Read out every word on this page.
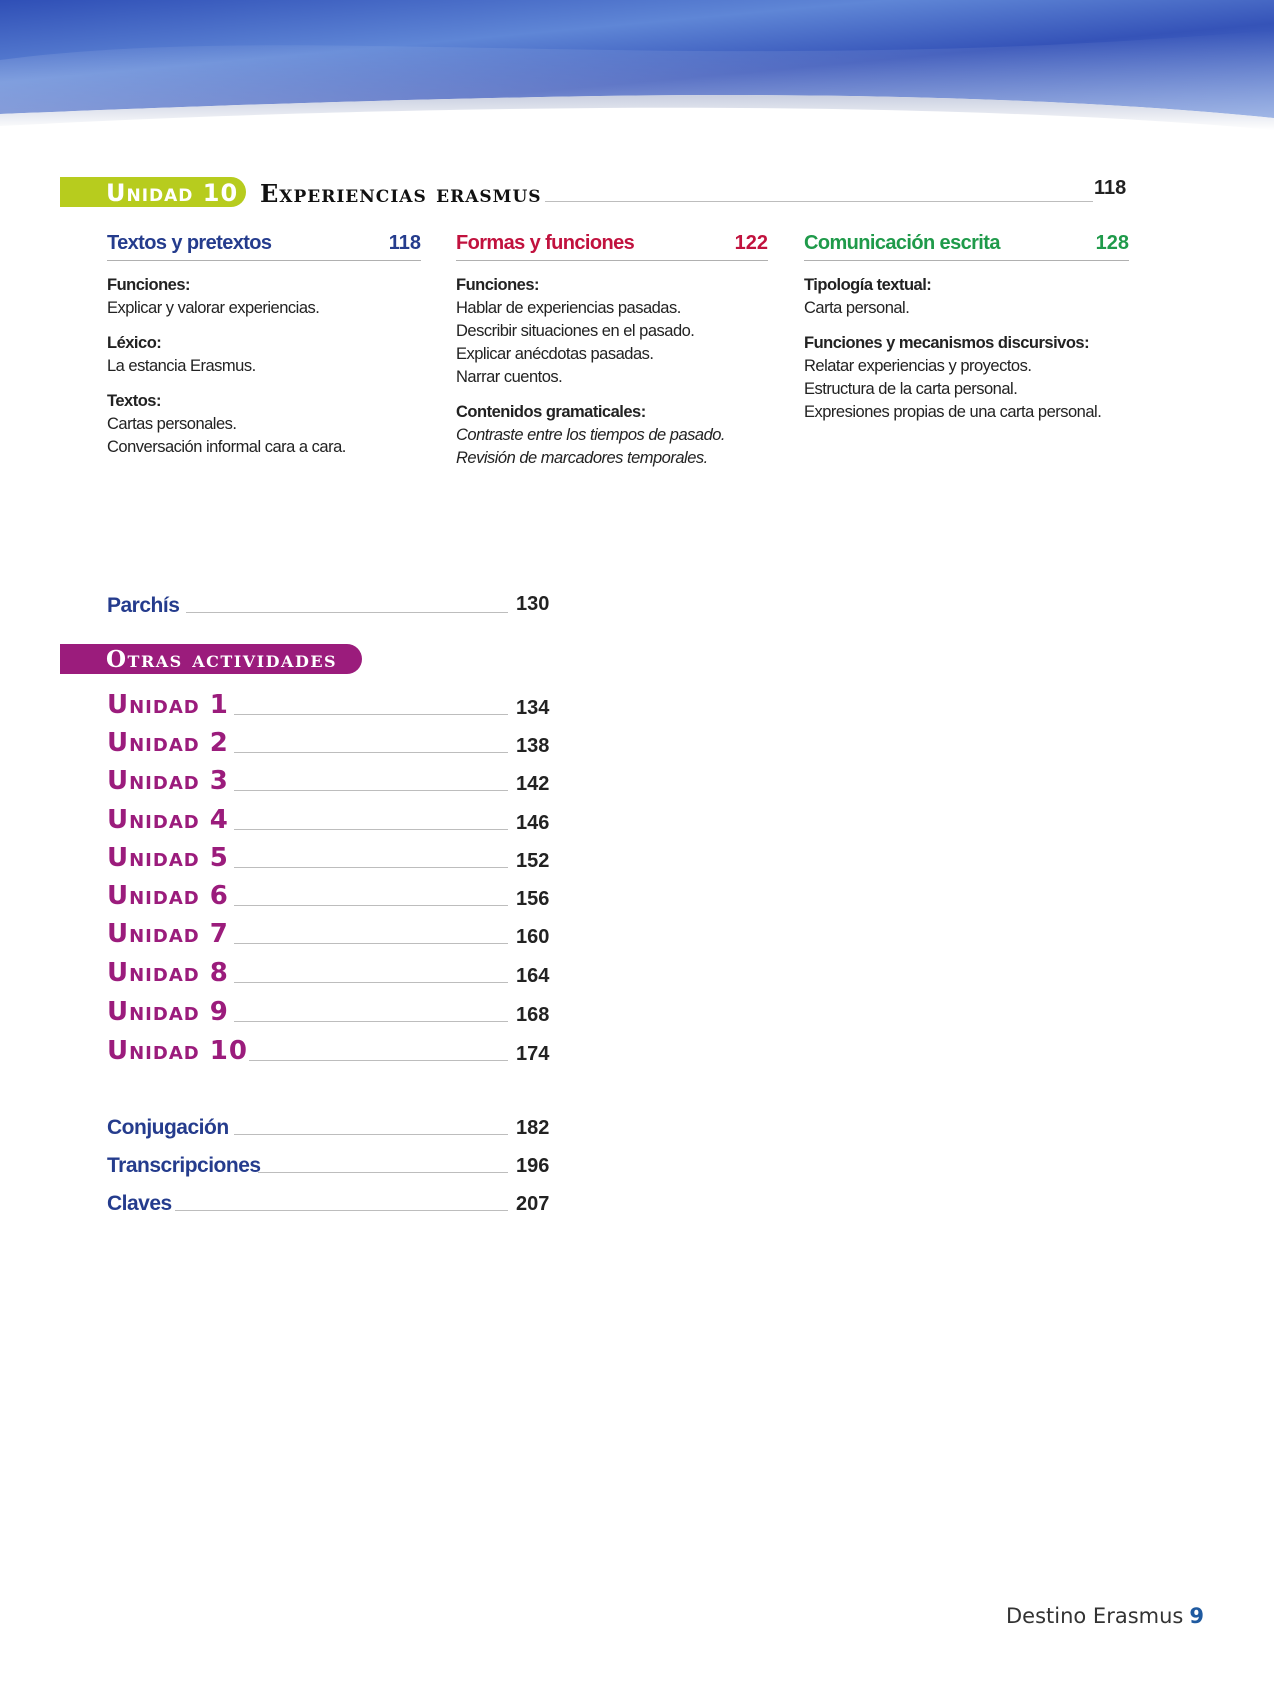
Unidad 10 Experiencias erasmus	118
Textos y pretextos	118 Formas y funciones	122 Comunicación escrita	128
Funciones:
Explicar y valorar experiencias.
Léxico:
La estancia Erasmus.
Textos:
Cartas personales.
Conversación informal cara a cara.
Funciones:
Hablar de experiencias pasadas.
Describir situaciones en el pasado.
Explicar anécdotas pasadas.
Narrar cuentos.
Contenidos gramaticales:
Contraste entre los tiempos de pasado.
Revisión de marcadores temporales.
Tipología textual:
Carta personal.
Funciones y mecanismos discursivos:
Relatar experiencias y proyectos.
Estructura de la carta personal.
Expresiones propias de una carta personal.
Parchís	130
Otras actividades
Unidad 1	134
Unidad 2	138
Unidad 3	142
Unidad 4	146
Unidad 5	152
Unidad 6	156
Unidad 7	160
Unidad 8	164
Unidad 9	168
Unidad 10	174
Conjugación	182
Transcripciones	196
Claves	207
Destino Erasmus 9
